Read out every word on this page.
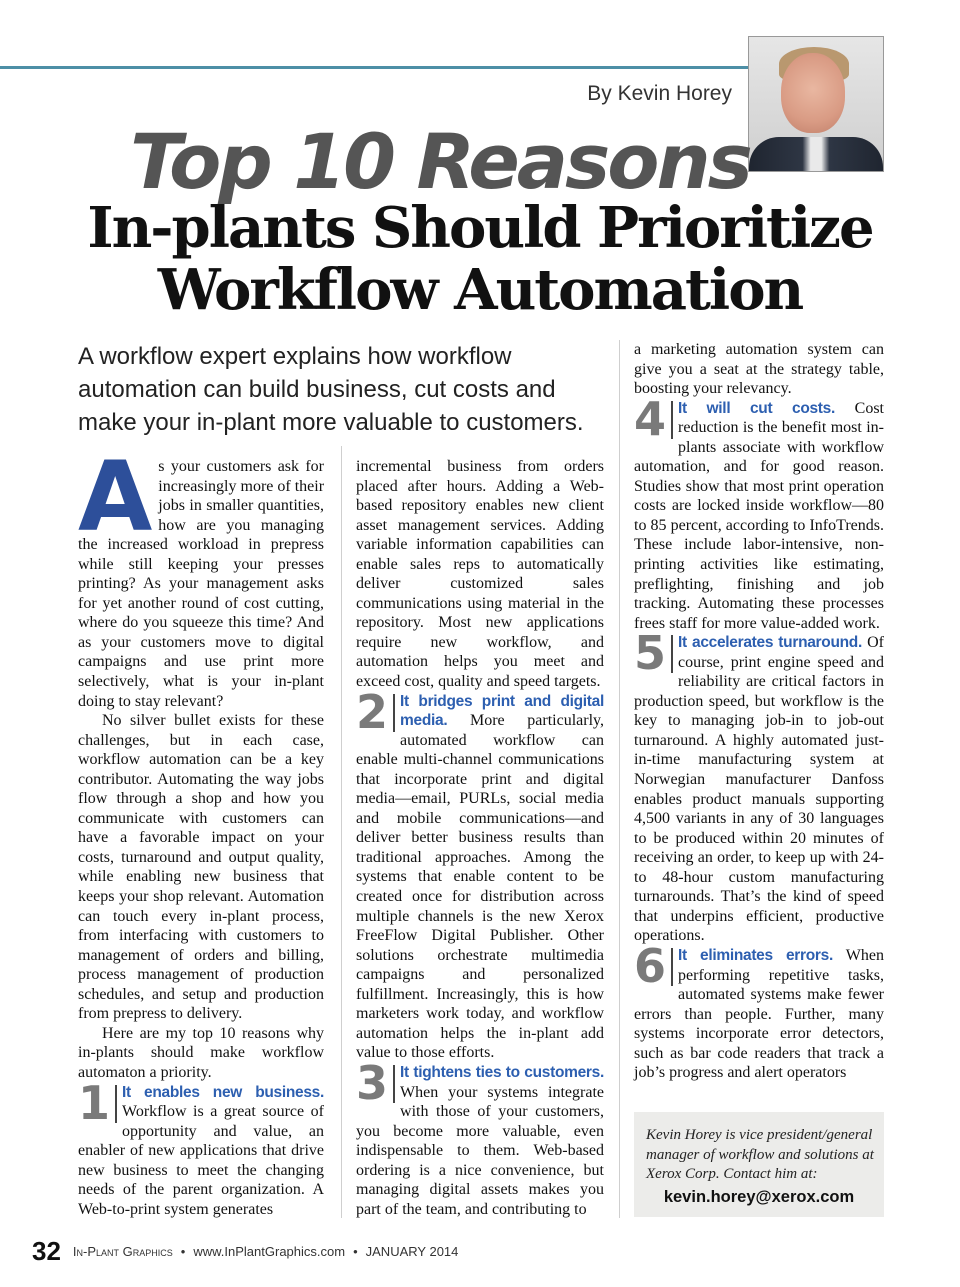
By Kevin Horey
Top 10 Reasons
In-plants Should Prioritize
Workflow Automation
A workflow expert explains how workflow automation can build business, cut costs and make your in-plant more valuable to customers.

As your customers ask for increasingly more of their jobs in smaller quantities, how are you managing the increased workload in prepress while still keeping your presses printing? As your management asks for yet another round of cost cutting, where do you squeeze this time? And as your customers move to digital campaigns and use print more selectively, what is your in-plant doing to stay relevant?

No silver bullet exists for these challenges, but in each case, workflow automation can be a key contributor. Automating the way jobs flow through a shop and how you communicate with customers can have a favorable impact on your costs, turnaround and output quality, while enabling new business that keeps your shop relevant. Automation can touch every in-plant process, from interfacing with customers to management of orders and billing, process management of production schedules, and setup and production from prepress to delivery.

Here are my top 10 reasons why in-plants should make workflow automaton a priority.

1 It enables new business. Workflow is a great source of opportunity and value, an enabler of new applications that drive new business to meet the changing needs of the parent organization. A Web-to-print system generates

incremental business from orders placed after hours. Adding a Web-based repository enables new client asset management services. Adding variable information capabilities can enable sales reps to automatically deliver customized sales communications using material in the repository. Most new applications require new workflow, and automation helps you meet and exceed cost, quality and speed targets.

2 It bridges print and digital media. More particularly, automated workflow can enable multi-channel communications that incorporate print and digital media—email, PURLs, social media and mobile communications—and deliver better business results than traditional approaches. Among the systems that enable content to be created once for distribution across multiple channels is the new Xerox FreeFlow Digital Publisher. Other solutions orchestrate multimedia campaigns and personalized fulfillment. Increasingly, this is how marketers work today, and workflow automation helps the in-plant add value to those efforts.

3 It tightens ties to customers. When your systems integrate with those of your customers, you become more valuable, even indispensable to them. Web-based ordering is a nice convenience, but managing digital assets makes you part of the team, and contributing to

a marketing automation system can give you a seat at the strategy table, boosting your relevancy.

4 It will cut costs. Cost reduction is the benefit most in-plants associate with workflow automation, and for good reason. Studies show that most print operation costs are locked inside workflow—80 to 85 percent, according to InfoTrends. These include labor-intensive, non-printing activities like estimating, preflighting, finishing and job tracking. Automating these processes frees staff for more value-added work.

5 It accelerates turnaround. Of course, print engine speed and reliability are critical factors in production speed, but workflow is the key to managing job-in to job-out turnaround. A highly automated just-in-time manufacturing system at Norwegian manufacturer Danfoss enables product manuals supporting 4,500 variants in any of 30 languages to be produced within 20 minutes of receiving an order, to keep up with 24- to 48-hour custom manufacturing turnarounds. That’s the kind of speed that underpins efficient, productive operations.

6 It eliminates errors. When performing repetitive tasks, automated systems make fewer errors than people. Further, many systems incorporate error detectors, such as bar code readers that track a job’s progress and alert operators

Kevin Horey is vice president/general manager of workflow and solutions at Xerox Corp. Contact him at:
kevin.horey@xerox.com
32 In-Plant Graphics • www.InPlantGraphics.com • JANUARY 2014
